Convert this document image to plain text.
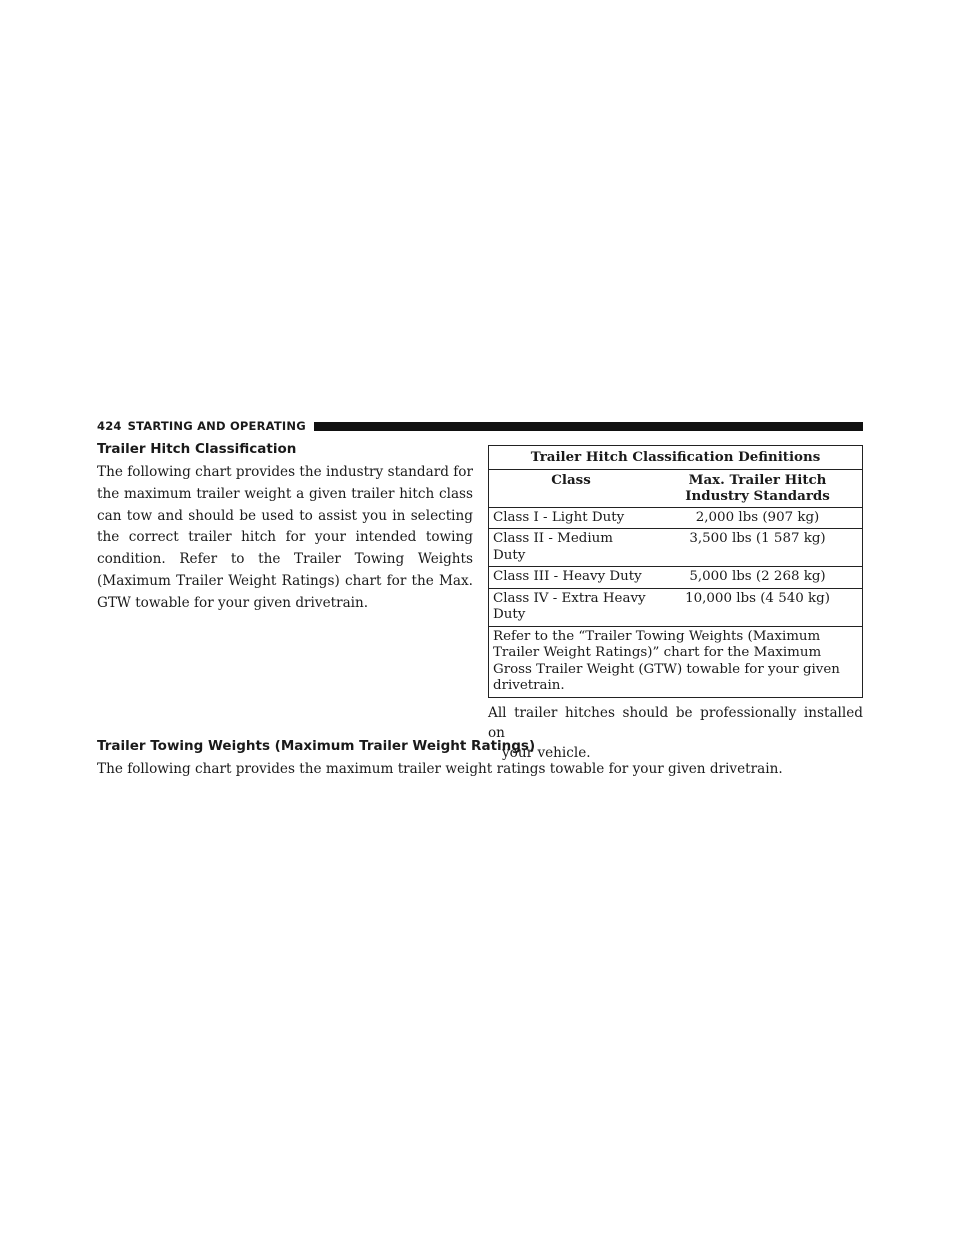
424 STARTING AND OPERATING
Trailer Hitch Classification

The following chart provides the industry standard for the maximum trailer weight a given trailer hitch class can tow and should be used to assist you in selecting the correct trailer hitch for your intended towing condition. Refer to the Trailer Towing Weights (Maximum Trailer Weight Ratings) chart for the Max. GTW towable for your given drivetrain.

Trailer Hitch Classification Definitions	
Class	Max. Trailer Hitch Industry Standards
Class I - Light Duty	2,000 lbs (907 kg)
Class II - Medium Duty	3,500 lbs (1 587 kg)
Class III - Heavy Duty	5,000 lbs (2 268 kg)
Class IV - Extra Heavy Duty	10,000 lbs (4 540 kg)
Refer to the “Trailer Towing Weights (Maximum Trailer Weight Ratings)” chart for the Maximum Gross Trailer Weight (GTW) towable for your given drivetrain.	

All trailer hitches should be professionally installed on
your vehicle.

Trailer Towing Weights (Maximum Trailer Weight Ratings)

The following chart provides the maximum trailer weight ratings towable for your given drivetrain.
